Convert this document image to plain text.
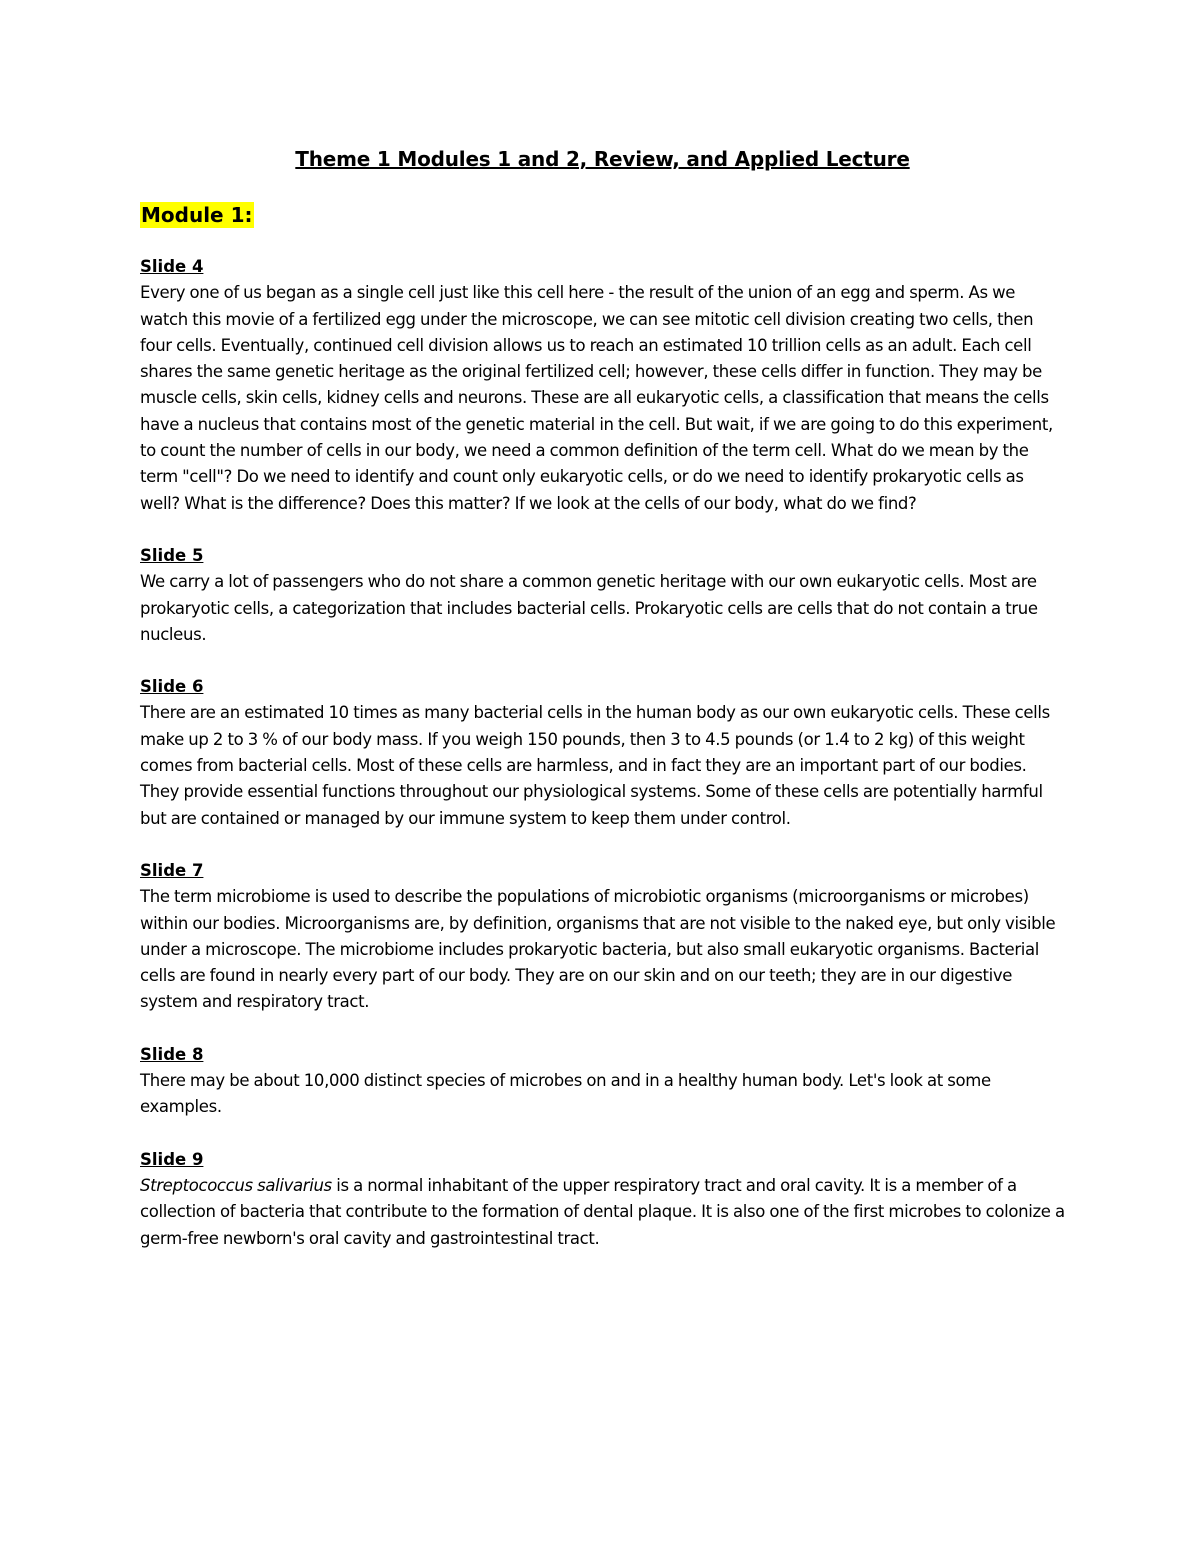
Theme 1 Modules 1 and 2, Review, and Applied Lecture
Module 1:

Slide 4

Every one of us began as a single cell just like this cell here - the result of the union of an egg and sperm. As we watch this movie of a fertilized egg under the microscope, we can see mitotic cell division creating two cells, then four cells. Eventually, continued cell division allows us to reach an estimated 10 trillion cells as an adult. Each cell shares the same genetic heritage as the original fertilized cell; however, these cells differ in function. They may be muscle cells, skin cells, kidney cells and neurons. These are all eukaryotic cells, a classification that means the cells have a nucleus that contains most of the genetic material in the cell. But wait, if we are going to do this experiment, to count the number of cells in our body, we need a common definition of the term cell. What do we mean by the term "cell"? Do we need to identify and count only eukaryotic cells, or do we need to identify prokaryotic cells as well? What is the difference? Does this matter? If we look at the cells of our body, what do we find?

Slide 5

We carry a lot of passengers who do not share a common genetic heritage with our own eukaryotic cells. Most are prokaryotic cells, a categorization that includes bacterial cells. Prokaryotic cells are cells that do not contain a true nucleus.

Slide 6

There are an estimated 10 times as many bacterial cells in the human body as our own eukaryotic cells. These cells make up 2 to 3 % of our body mass. If you weigh 150 pounds, then 3 to 4.5 pounds (or 1.4 to 2 kg) of this weight comes from bacterial cells. Most of these cells are harmless, and in fact they are an important part of our bodies. They provide essential functions throughout our physiological systems. Some of these cells are potentially harmful but are contained or managed by our immune system to keep them under control.

Slide 7

The term microbiome is used to describe the populations of microbiotic organisms (microorganisms or microbes) within our bodies. Microorganisms are, by definition, organisms that are not visible to the naked eye, but only visible under a microscope. The microbiome includes prokaryotic bacteria, but also small eukaryotic organisms. Bacterial cells are found in nearly every part of our body. They are on our skin and on our teeth; they are in our digestive system and respiratory tract.

Slide 8

There may be about 10,000 distinct species of microbes on and in a healthy human body. Let's look at some examples.

Slide 9

Streptococcus salivarius is a normal inhabitant of the upper respiratory tract and oral cavity. It is a member of a collection of bacteria that contribute to the formation of dental plaque. It is also one of the first microbes to colonize a germ-free newborn's oral cavity and gastrointestinal tract.
